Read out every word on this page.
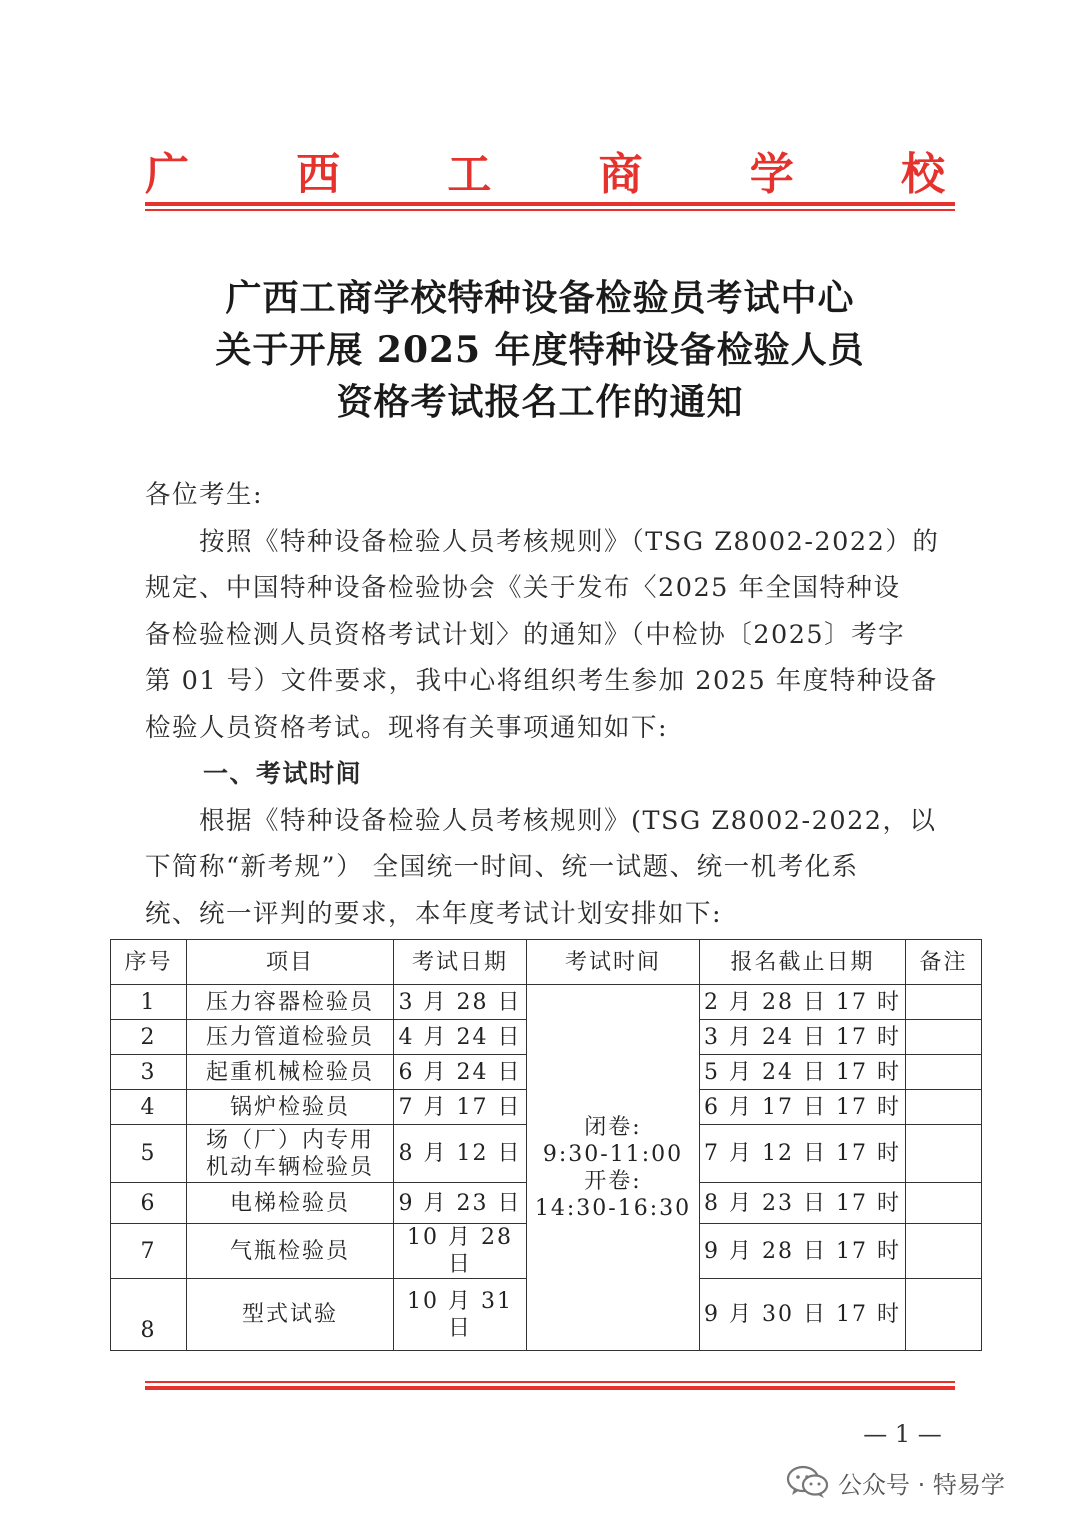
广 西 工 商 学 校
广西工商学校特种设备检验员考试中心
关于开展 2025 年度特种设备检验人员
资格考试报名工作的通知
各位考生:
　　按照《特种设备检验人员考核规则》（TSG Z8002-2022）的
规定、中国特种设备检验协会《关于发布〈2025 年全国特种设
备检验检测人员资格考试计划〉的通知》（中检协〔2025〕考字
第 01 号）文件要求，我中心将组织考生参加 2025 年度特种设备
检验人员资格考试。现将有关事项通知如下:
一、考试时间
　　根据《特种设备检验人员考核规则》(TSG Z8002-2022，以
下简称“新考规”） 全国统一时间、统一试题、统一机考化系
统、统一评判的要求，本年度考试计划安排如下:
序号	项目	考试日期	考试时间	报名截止日期	备注
1	压力容器检验员	3 月 28 日	闭卷:
9:30-11:00
开卷:
14:30-16:30	2 月 28 日 17 时	
2	压力管道检验员	4 月 24 日		3 月 24 日 17 时	
3	起重机械检验员	6 月 24 日		5 月 24 日 17 时	
4	锅炉检验员	7 月 17 日		6 月 17 日 17 时	
5	场（厂）内专用
机动车辆检验员	8 月 12 日		7 月 12 日 17 时	
6	电梯检验员	9 月 23 日		8 月 23 日 17 时	
7	气瓶检验员	10 月 28 日		9 月 28 日 17 时	
8	型式试验	10 月 31 日		9 月 30 日 17 时	
— 1 —
公众号 · 特易学
